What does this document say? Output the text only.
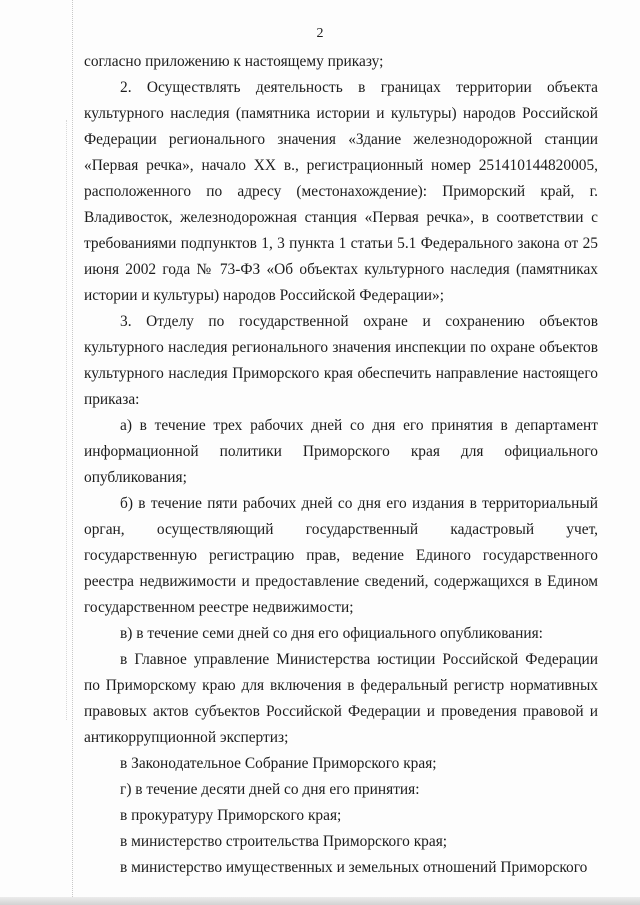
2

согласно приложению к настоящему приказу;

2. Осуществлять деятельность в границах территории объекта культурного наследия (памятника истории и культуры) народов Российской Федерации регионального значения «Здание железнодорожной станции «Первая речка», начало XX в., регистрационный номер 251410144820005, расположенного по адресу (местонахождение): Приморский край, г. Владивосток, железнодорожная станция «Первая речка», в соответствии с требованиями подпунктов 1, 3 пункта 1 статьи 5.1 Федерального закона от 25 июня 2002 года № 73-ФЗ «Об объектах культурного наследия (памятниках истории и культуры) народов Российской Федерации»;

3. Отделу по государственной охране и сохранению объектов культурного наследия регионального значения инспекции по охране объектов культурного наследия Приморского края обеспечить направление настоящего приказа:

а) в течение трех рабочих дней со дня его принятия в департамент информационной политики Приморского края для официального опубликования;

б) в течение пяти рабочих дней со дня его издания в территориальный орган, осуществляющий государственный кадастровый учет, государственную регистрацию прав, ведение Единого государственного реестра недвижимости и предоставление сведений, содержащихся в Едином государственном реестре недвижимости;

в) в течение семи дней со дня его официального опубликования:

в Главное управление Министерства юстиции Российской Федерации по Приморскому краю для включения в федеральный регистр нормативных правовых актов субъектов Российской Федерации и проведения правовой и антикоррупционной экспертиз;

в Законодательное Собрание Приморского края;

г) в течение десяти дней со дня его принятия:

в прокуратуру Приморского края;

в министерство строительства Приморского края;

в министерство имущественных и земельных отношений Приморского
